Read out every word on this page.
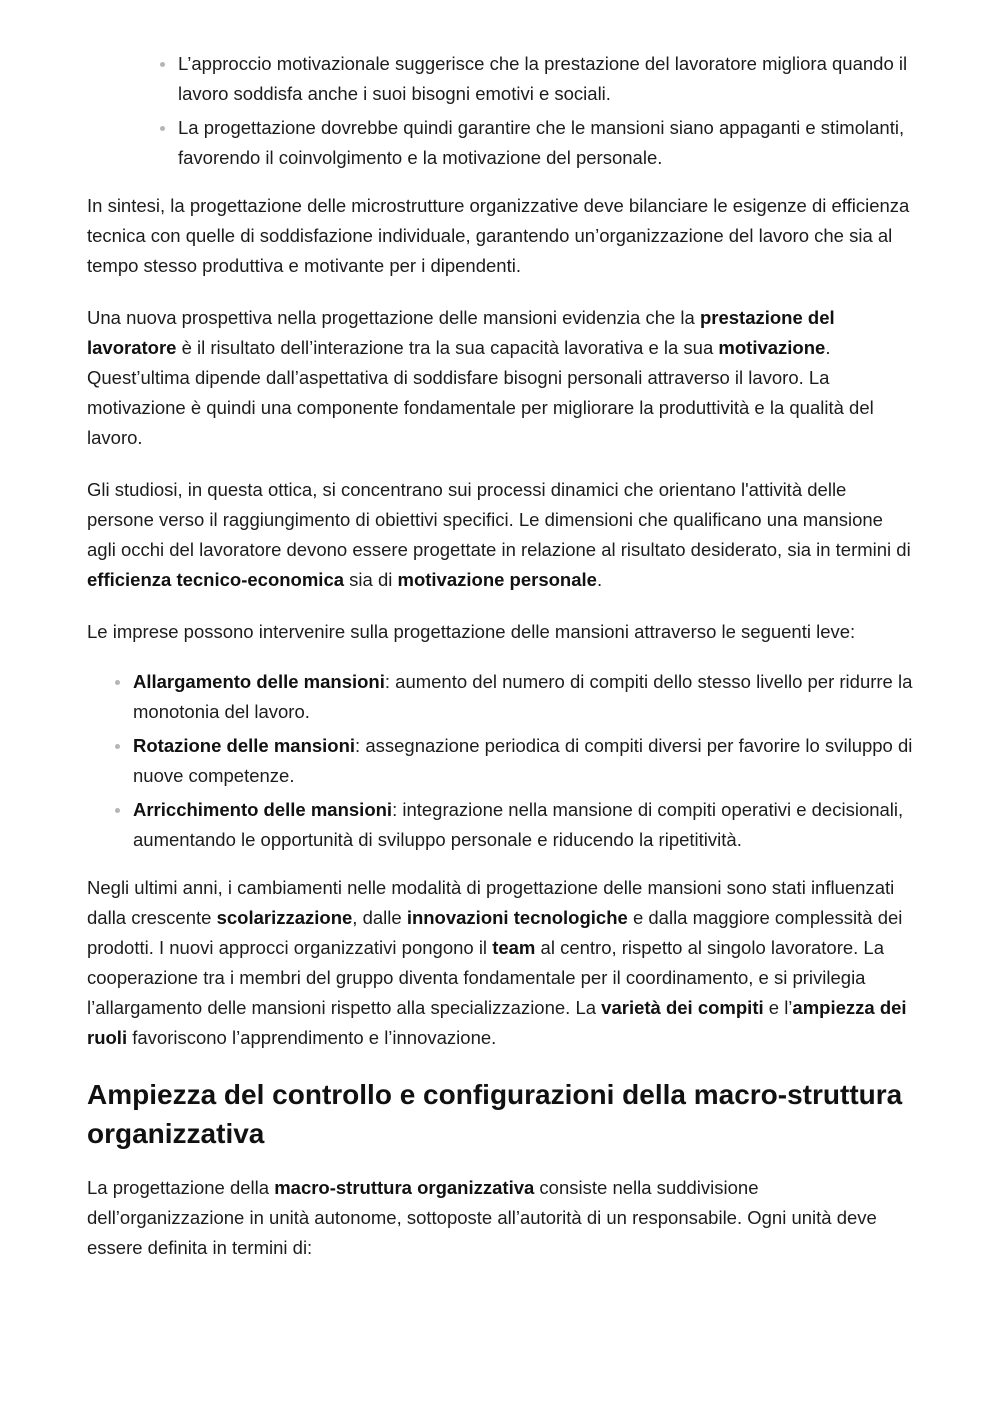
L’approccio motivazionale suggerisce che la prestazione del lavoratore migliora quando il lavoro soddisfa anche i suoi bisogni emotivi e sociali.
La progettazione dovrebbe quindi garantire che le mansioni siano appaganti e stimolanti, favorendo il coinvolgimento e la motivazione del personale.

In sintesi, la progettazione delle microstrutture organizzative deve bilanciare le esigenze di efficienza tecnica con quelle di soddisfazione individuale, garantendo un’organizzazione del lavoro che sia al tempo stesso produttiva e motivante per i dipendenti.

Una nuova prospettiva nella progettazione delle mansioni evidenzia che la prestazione del lavoratore è il risultato dell’interazione tra la sua capacità lavorativa e la sua motivazione. Quest’ultima dipende dall’aspettativa di soddisfare bisogni personali attraverso il lavoro. La motivazione è quindi una componente fondamentale per migliorare la produttività e la qualità del lavoro.

Gli studiosi, in questa ottica, si concentrano sui processi dinamici che orientano l'attività delle persone verso il raggiungimento di obiettivi specifici. Le dimensioni che qualificano una mansione agli occhi del lavoratore devono essere progettate in relazione al risultato desiderato, sia in termini di efficienza tecnico-economica sia di motivazione personale.

Le imprese possono intervenire sulla progettazione delle mansioni attraverso le seguenti leve:

Allargamento delle mansioni: aumento del numero di compiti dello stesso livello per ridurre la monotonia del lavoro.
Rotazione delle mansioni: assegnazione periodica di compiti diversi per favorire lo sviluppo di nuove competenze.
Arricchimento delle mansioni: integrazione nella mansione di compiti operativi e decisionali, aumentando le opportunità di sviluppo personale e riducendo la ripetitività.

Negli ultimi anni, i cambiamenti nelle modalità di progettazione delle mansioni sono stati influenzati dalla crescente scolarizzazione, dalle innovazioni tecnologiche e dalla maggiore complessità dei prodotti. I nuovi approcci organizzativi pongono il team al centro, rispetto al singolo lavoratore. La cooperazione tra i membri del gruppo diventa fondamentale per il coordinamento, e si privilegia l’allargamento delle mansioni rispetto alla specializzazione. La varietà dei compiti e l’ampiezza dei ruoli favoriscono l’apprendimento e l’innovazione.

Ampiezza del controllo e configurazioni della macro-struttura organizzativa

La progettazione della macro-struttura organizzativa consiste nella suddivisione dell’organizzazione in unità autonome, sottoposte all’autorità di un responsabile. Ogni unità deve essere definita in termini di:
